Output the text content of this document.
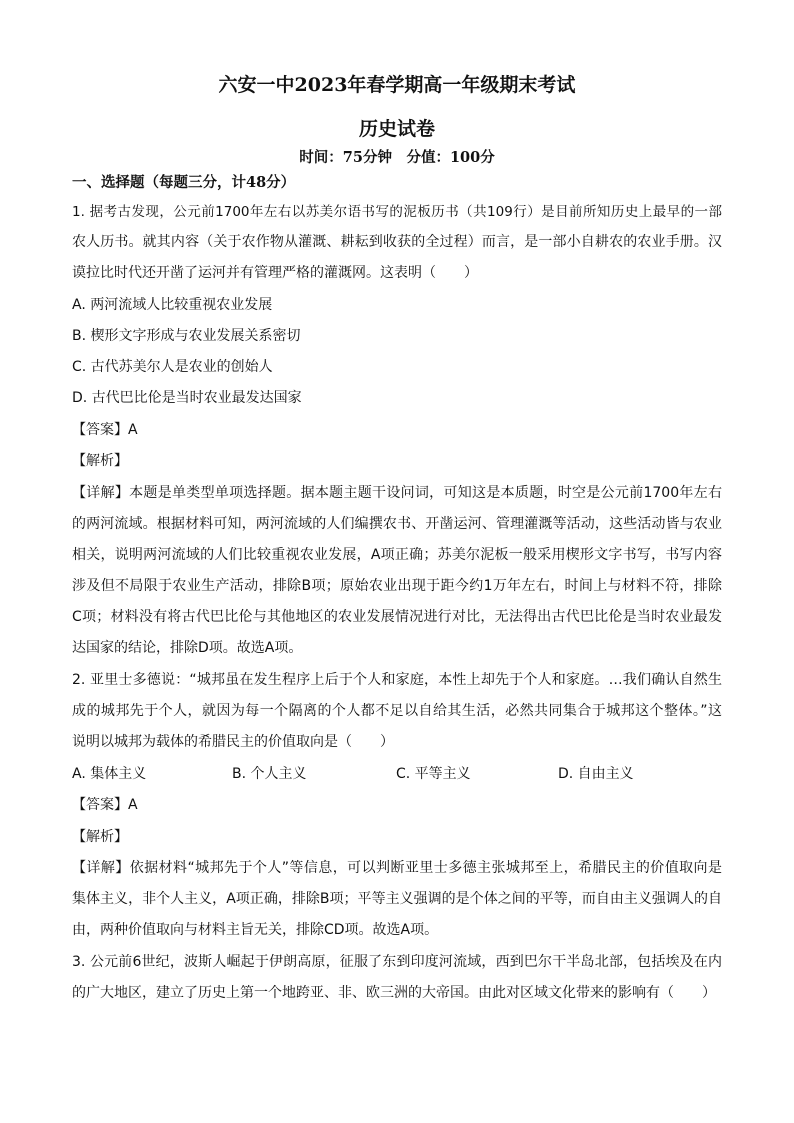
六安一中2023年春学期高一年级期末考试
历史试卷
时间：75分钟　分值：100分
一、选择题（每题三分，计48分）
1. 据考古发现，公元前1700年左右以苏美尔语书写的泥板历书（共109行）是目前所知历史上最早的一部
农人历书。就其内容（关于农作物从灌溉、耕耘到收获的全过程）而言，是一部小自耕农的农业手册。汉
谟拉比时代还开凿了运河并有管理严格的灌溉网。这表明（　　）
A. 两河流域人比较重视农业发展
B. 楔形文字形成与农业发展关系密切
C. 古代苏美尔人是农业的创始人
D. 古代巴比伦是当时农业最发达国家
【答案】A
【解析】
【详解】本题是单类型单项选择题。据本题主题干设问词，可知这是本质题，时空是公元前1700年左右
的两河流域。根据材料可知，两河流域的人们编撰农书、开凿运河、管理灌溉等活动，这些活动皆与农业
相关，说明两河流域的人们比较重视农业发展，A项正确；苏美尔泥板一般采用楔形文字书写，书写内容
涉及但不局限于农业生产活动，排除B项；原始农业出现于距今约1万年左右，时间上与材料不符，排除
C项；材料没有将古代巴比伦与其他地区的农业发展情况进行对比，无法得出古代巴比伦是当时农业最发
达国家的结论，排除D项。故选A项。
2. 亚里士多德说：“城邦虽在发生程序上后于个人和家庭，本性上却先于个人和家庭。…我们确认自然生
成的城邦先于个人，就因为每一个隔离的个人都不足以自给其生活，必然共同集合于城邦这个整体。”这
说明以城邦为载体的希腊民主的价值取向是（　　）
A. 集体主义	B. 个人主义	C. 平等主义	D. 自由主义
【答案】A
【解析】
【详解】依据材料“城邦先于个人”等信息，可以判断亚里士多德主张城邦至上，希腊民主的价值取向是
集体主义，非个人主义，A项正确，排除B项；平等主义强调的是个体之间的平等，而自由主义强调人的自
由，两种价值取向与材料主旨无关，排除CD项。故选A项。
3. 公元前6世纪，波斯人崛起于伊朗高原，征服了东到印度河流域，西到巴尔干半岛北部，包括埃及在内
的广大地区，建立了历史上第一个地跨亚、非、欧三洲的大帝国。由此对区域文化带来的影响有（　　）
